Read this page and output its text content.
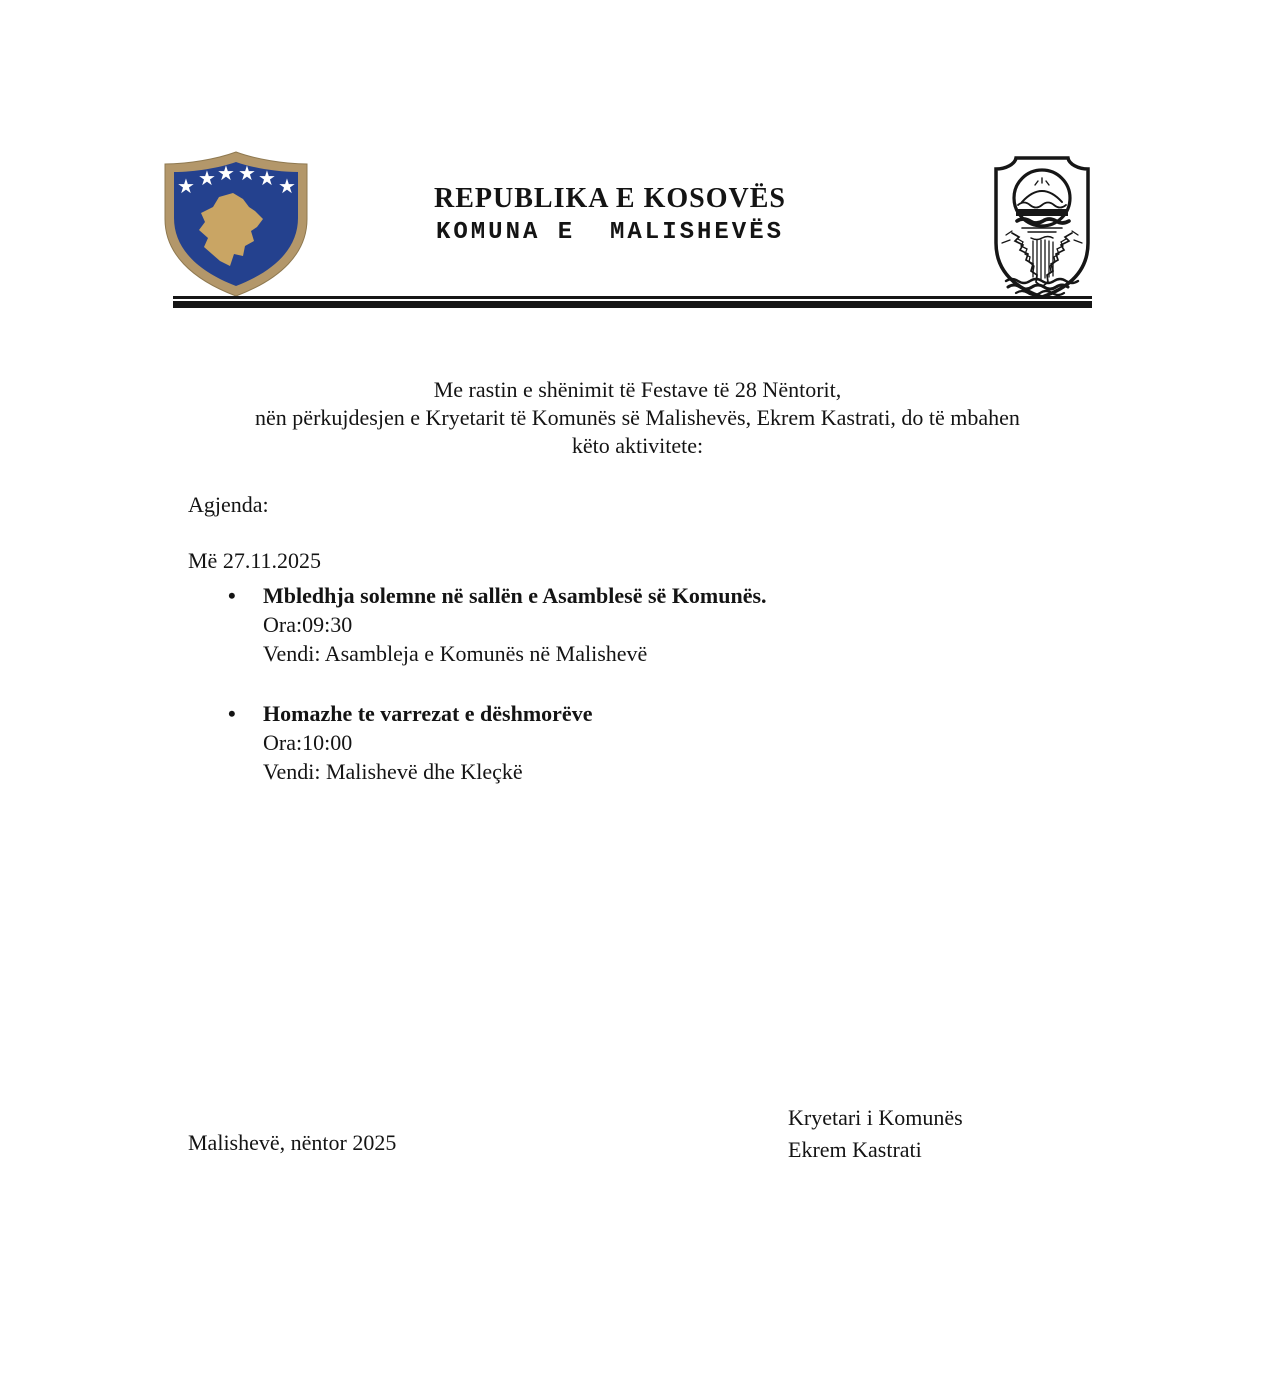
★ ★ ★ ★ ★ ★	REPUBLIKA E KOSOVËS
KOMUNA E  MALISHEVËS
Me rastin e shënimit të Festave të 28 Nëntorit,
nën përkujdesjen e Kryetarit të Komunës së Malishevës, Ekrem Kastrati, do të mbahen
këto aktivitete:
Agjenda:
Më 27.11.2025
• Mbledhja solemne në sallën e Asamblesë së Komunës.
Ora:09:30
Vendi: Asambleja e Komunës në Malishevë
• Homazhe te varrezat e dëshmorëve
Ora:10:00
Vendi: Malishevë dhe Kleçkë
Malishevë, nëntor 2025
Kryetari i Komunës
Ekrem Kastrati
